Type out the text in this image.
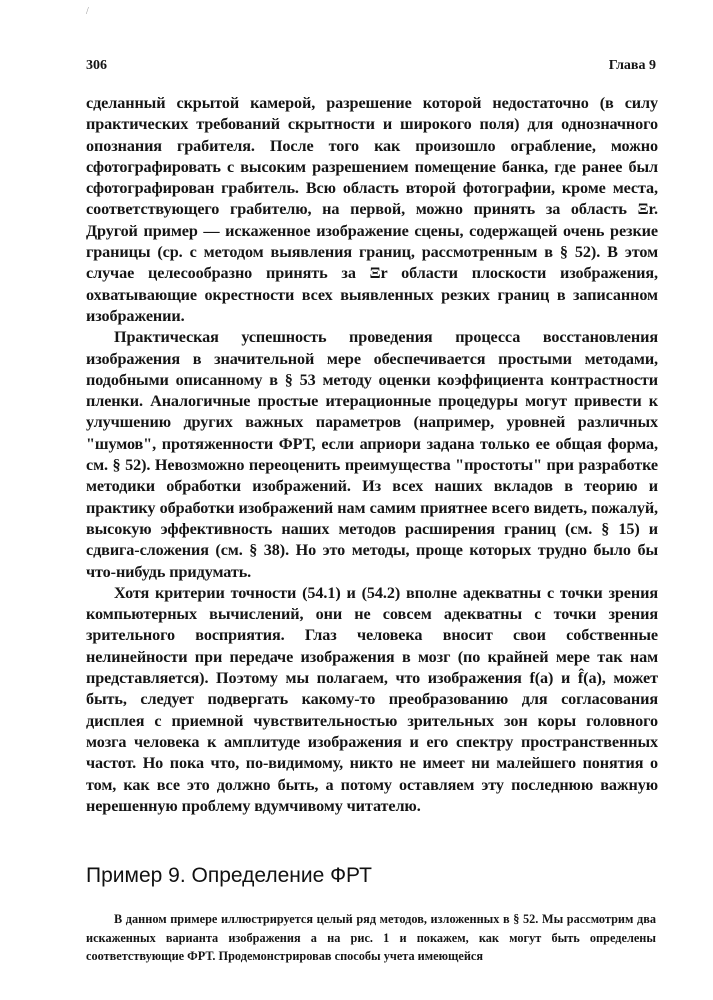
/
306	Глава 9

сделанный скрытой камерой, разрешение которой недостаточно (в силу практических требований скрытности и широкого поля) для однозначного опознания грабителя. После того как произошло ограбление, можно сфотографировать с высоким разрешением помещение банка, где ранее был сфотографирован грабитель. Всю область второй фотографии, кроме места, соответствующего грабителю, на первой, можно принять за область Ξr. Другой пример — искаженное изображение сцены, содержащей очень резкие границы (ср. с методом выявления границ, рассмотренным в § 52). В этом случае целесообразно принять за Ξr области плоскости изображения, охватывающие окрестности всех выявленных резких границ в записанном изображении.

Практическая успешность проведения процесса восстановления изображения в значительной мере обеспечивается простыми методами, подобными описанному в § 53 методу оценки коэффициента контрастности пленки. Аналогичные простые итерационные процедуры могут привести к улучшению других важных параметров (например, уровней различных "шумов", протяженности ФРТ, если априори задана только ее общая форма, см. § 52). Невозможно переоценить преимущества "простоты" при разработке методики обработки изображений. Из всех наших вкладов в теорию и практику обработки изображений нам самим приятнее всего видеть, пожалуй, высокую эффективность наших методов расширения границ (см. § 15) и сдвига-сложения (см. § 38). Но это методы, проще которых трудно было бы что-нибудь придумать.

Хотя критерии точности (54.1) и (54.2) вполне адекватны с точки зрения компьютерных вычислений, они не совсем адекватны с точки зрения зрительного восприятия. Глаз человека вносит свои собственные нелинейности при передаче изображения в мозг (по крайней мере так нам представляется). Поэтому мы полагаем, что изображения f(a) и f̂(a), может быть, следует подвергать какому-то преобразованию для согласования дисплея с приемной чувствительностью зрительных зон коры головного мозга человека к амплитуде изображения и его спектру пространственных частот. Но пока что, по-видимому, никто не имеет ни малейшего понятия о том, как все это должно быть, а потому оставляем эту последнюю важную нерешенную проблему вдумчивому читателю.

Пример 9. Определение ФРТ
В данном примере иллюстрируется целый ряд методов, изложенных в § 52. Мы рассмотрим два искаженных варианта изображения a на рис. 1 и покажем, как могут быть определены соответствующие ФРТ. Продемонстрировав способы учета имеющейся
